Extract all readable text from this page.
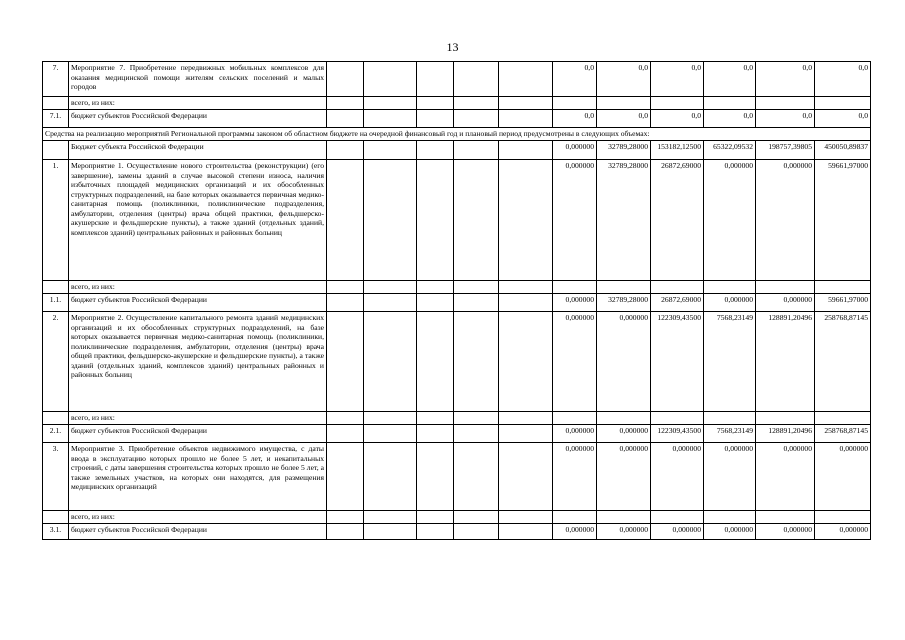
13
7.	Мероприятие 7. Приобретение передвижных мобильных комплексов для оказания медицинской помощи жителям сельских поселений и малых городов						0,0	0,0	0,0	0,0	0,0	0,0
	всего, из них:											
7.1.	бюджет субъектов Российской Федерации						0,0	0,0	0,0	0,0	0,0	0,0
Средства на реализацию мероприятий Региональной программы законом об областном бюджете на очередной финансовый год и плановый период предусмотрены в следующих объемах:												
	Бюджет субъекта Российской Федерации						0,000000	32789,28000	153182,12500	65322,09532	198757,39805	450050,89837
1.	Мероприятие 1. Осуществление нового строительства (реконструкции) (его завершение), замены зданий в случае высокой степени износа, наличия избыточных площадей медицинских организаций и их обособленных структурных подразделений, на базе которых оказывается первичная медико-санитарная помощь (поликлиники, поликлинические подразделения, амбулатории, отделения (центры) врача общей практики, фельдшерско-акушерские и фельдшерские пункты), а также зданий (отдельных зданий, комплексов зданий) центральных районных и районных больниц						0,000000	32789,28000	26872,69000	0,000000	0,000000	59661,97000
	всего, из них:											
1.1.	бюджет субъектов Российской Федерации						0,000000	32789,28000	26872,69000	0,000000	0,000000	59661,97000
2.	Мероприятие 2. Осуществление капитального ремонта зданий медицинских организаций и их обособленных структурных подразделений, на базе которых оказывается первичная медико-санитарная помощь (поликлиники, поликлинические подразделения, амбулатории, отделения (центры) врача общей практики, фельдшерско-акушерские и фельдшерские пункты), а также зданий (отдельных зданий, комплексов зданий) центральных районных и районных больниц						0,000000	0,000000	122309,43500	7568,23149	128891,20496	258768,87145
	всего, из них:											
2.1.	бюджет субъектов Российской Федерации						0,000000	0,000000	122309,43500	7568,23149	128891,20496	258768,87145
3.	Мероприятие 3. Приобретение объектов недвижимого имущества, с даты ввода в эксплуатацию которых прошло не более 5 лет, и некапитальных строений, с даты завершения строительства которых прошло не более 5 лет, а также земельных участков, на которых они находятся, для размещения медицинских организаций						0,000000	0,000000	0,000000	0,000000	0,000000	0,000000
	всего, из них:											
3.1.	бюджет субъектов Российской Федерации						0,000000	0,000000	0,000000	0,000000	0,000000	0,000000
